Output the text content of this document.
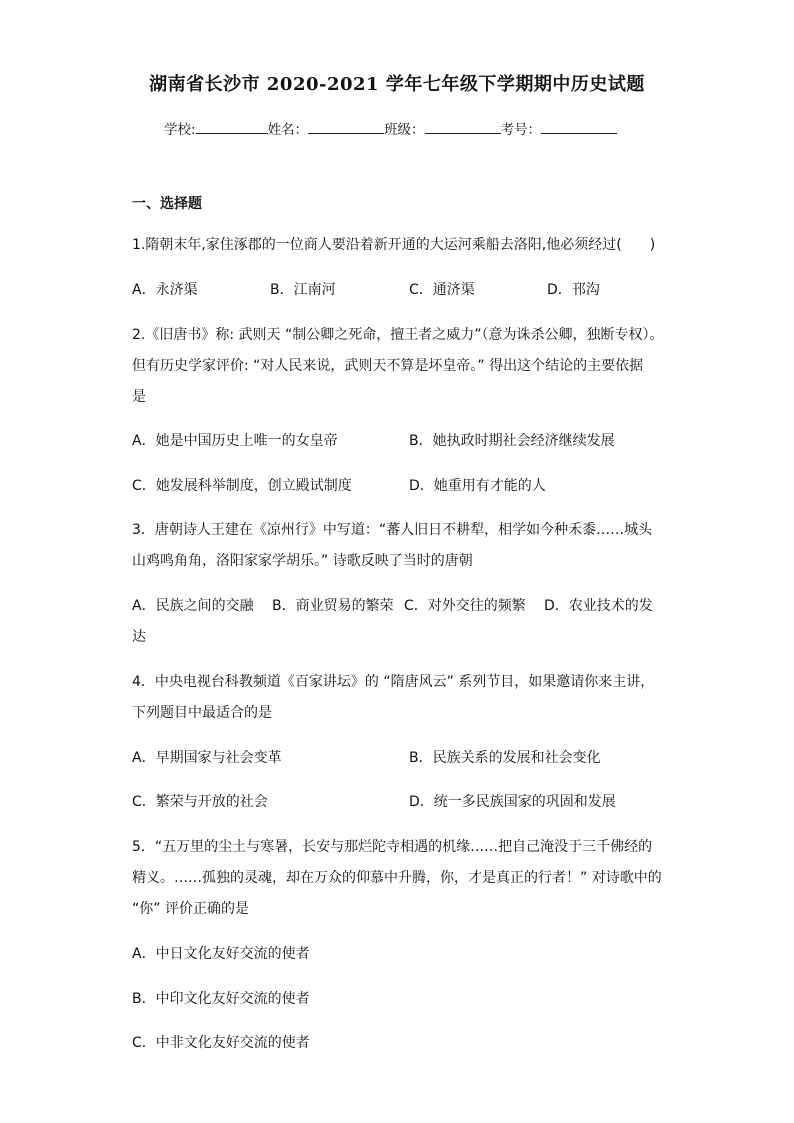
湖南省长沙市 2020-2021 学年七年级下学期期中历史试题
学校:	姓名：	班级：	考号：
一、选择题
1.隋朝末年,家住涿郡的一位商人要沿着新开通的大运河乘船去洛阳,他必须经过(　　)
A．永济渠	B．江南河	C．通济渠	D．邗沟
2.《旧唐书》称: 武则天 “制公卿之死命，擅王者之威力”（意为诛杀公卿，独断专权）。
但有历史学家评价: “对人民来说，武则天不算是坏皇帝。” 得出这个结论的主要依据
是
A．她是中国历史上唯一的女皇帝	B．她执政时期社会经济继续发展
C．她发展科举制度，创立殿试制度	D．她重用有才能的人
3．唐朝诗人王建在《凉州行》中写道：“蕃人旧日不耕犁，相学如今种禾黍……城头
山鸡鸣角角，洛阳家家学胡乐。” 诗歌反映了当时的唐朝
A．民族之间的交融 B．商业贸易的繁荣 C．对外交往的频繁 D．农业技术的发
达
4．中央电视台科教频道《百家讲坛》的 “隋唐风云” 系列节目，如果邀请你来主讲，
下列题目中最适合的是
A．早期国家与社会变革	B．民族关系的发展和社会变化
C．繁荣与开放的社会	D．统一多民族国家的巩固和发展
5．“五万里的尘土与寒暑，长安与那烂陀寺相遇的机缘……把自己淹没于三千佛经的
精义。……孤独的灵魂，却在万众的仰慕中升腾，你，才是真正的行者！” 对诗歌中的
“你” 评价正确的是
A．中日文化友好交流的使者
B．中印文化友好交流的使者
C．中非文化友好交流的使者
